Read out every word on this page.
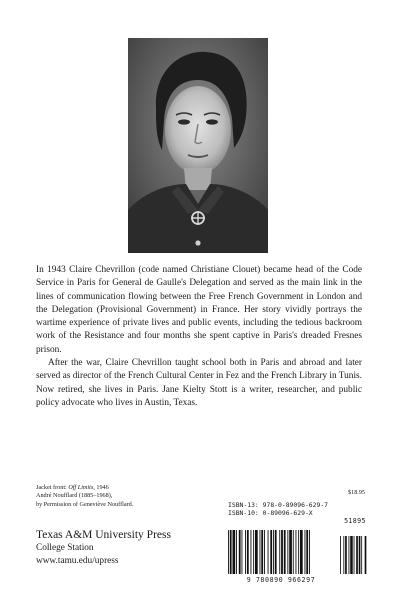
In 1943 Claire Chevrillon (code named Christiane Clouet) became head of the Code Service in Paris for General de Gaulle's Delegation and served as the main link in the lines of communication flowing between the Free French Government in London and the Delegation (Provisional Government) in France. Her story vividly portrays the wartime experience of private lives and public events, including the tedious backroom work of the Resistance and four months she spent captive in Paris's dreaded Fresnes prison.

After the war, Claire Chevrillon taught school both in Paris and abroad and later served as director of the French Cultural Center in Fez and the French Library in Tunis. Now retired, she lives in Paris. Jane Kielty Stott is a writer, researcher, and public policy advocate who lives in Austin, Texas.

Jacket front: Off Limits, 1946
André Noufflard (1885–1968),
by Permission of Geneviève Noufflard.
Texas A&M University Press
College Station
www.tamu.edu/upress
$18.95
ISBN-13: 978-0-89096-629-7
ISBN-10: 0-89096-629-X
9 780890 966297
51895
